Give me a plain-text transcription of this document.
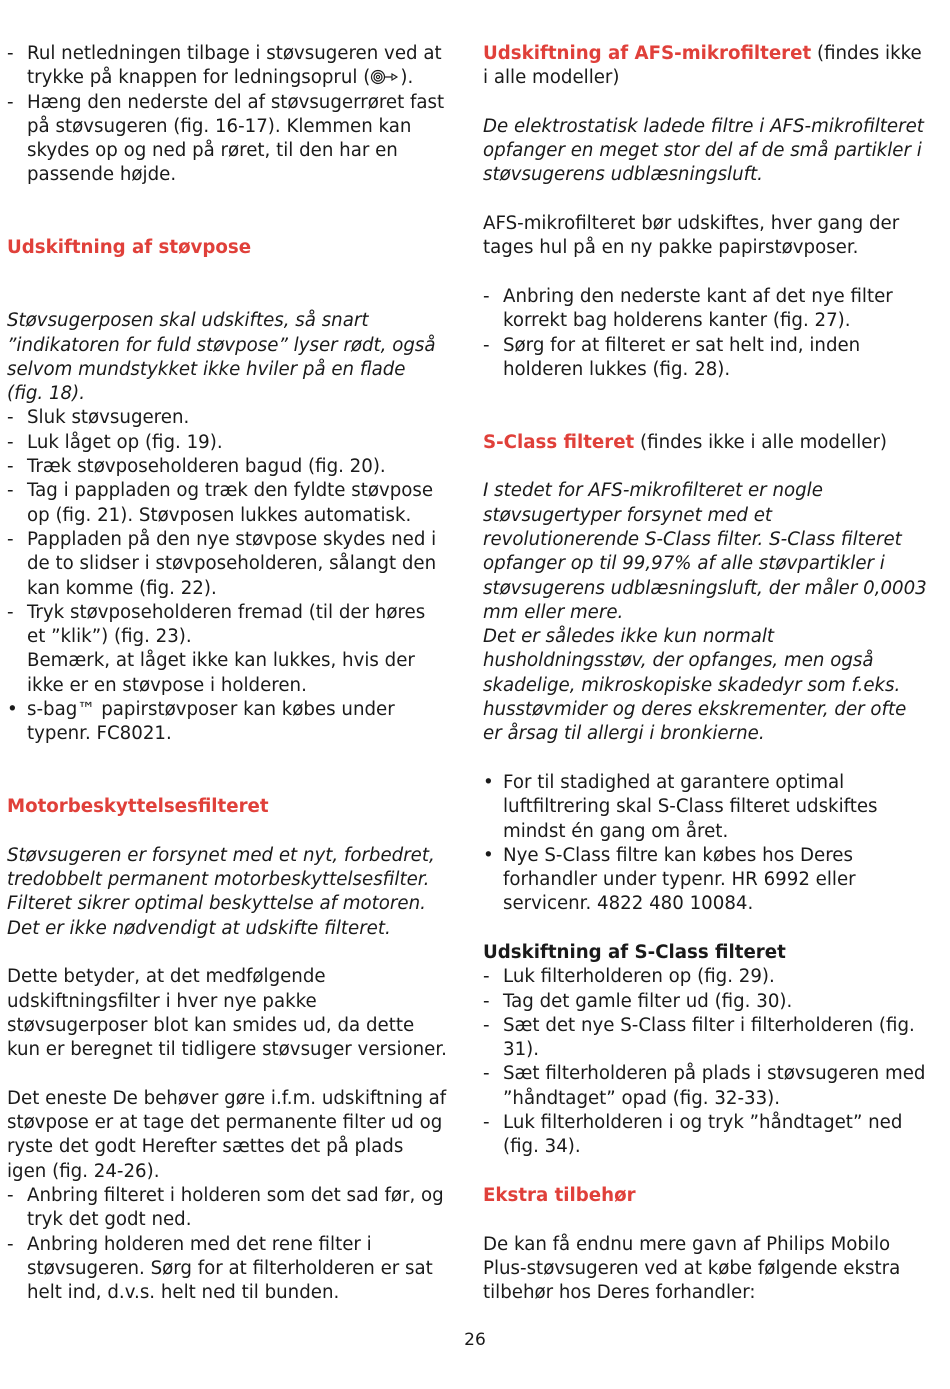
- Rul netledningen tilbage i støvsugeren ved at trykke på knappen for ledningsoprul ( ).
- Hæng den nederste del af støvsugerrøret fast på støvsugeren (fig. 16-17). Klemmen kan skydes op og ned på røret, til den har en passende højde.

Udskiftning af støvpose

Støvsugerposen skal udskiftes, så snart ”indikatoren for fuld støvpose” lyser rødt, også selvom mundstykket ikke hviler på en flade (fig. 18).

- Sluk støvsugeren.
- Luk låget op (fig. 19).
- Træk støvposeholderen bagud (fig. 20).
- Tag i pappladen og træk den fyldte støvpose op (fig. 21). Støvposen lukkes automatisk.
- Pappladen på den nye støvpose skydes ned i de to slidser i støvposeholderen, sålangt den kan komme (fig. 22).
- Tryk støvposeholderen fremad (til der høres et ”klik”) (fig. 23).
Bemærk, at låget ikke kan lukkes, hvis der ikke er en støvpose i holderen.
• s-bag™ papirstøvposer kan købes under typenr. FC8021.

Motorbeskyttelsesfilteret

Støvsugeren er forsynet med et nyt, forbedret, tredobbelt permanent motorbeskyttelsesfilter. Filteret sikrer optimal beskyttelse af motoren. Det er ikke nødvendigt at udskifte filteret.

Dette betyder, at det medfølgende udskiftningsfilter i hver nye pakke støvsugerposer blot kan smides ud, da dette kun er beregnet til tidligere støvsuger versioner.

Det eneste De behøver gøre i.f.m. udskiftning af støvpose er at tage det permanente filter ud og ryste det godt Herefter sættes det på plads igen (fig. 24-26).

- Anbring filteret i holderen som det sad før, og tryk det godt ned.
- Anbring holderen med det rene filter i støvsugeren. Sørg for at filterholderen er sat helt ind, d.v.s. helt ned til bunden.

Udskiftning af AFS-mikrofilteret (findes ikke i alle modeller)

De elektrostatisk ladede filtre i AFS-mikrofilteret opfanger en meget stor del af de små partikler i støvsugerens udblæsningsluft.

AFS-mikrofilteret bør udskiftes, hver gang der tages hul på en ny pakke papirstøvposer.

- Anbring den nederste kant af det nye filter korrekt bag holderens kanter (fig. 27).
- Sørg for at filteret er sat helt ind, inden holderen lukkes (fig. 28).

S-Class filteret (findes ikke i alle modeller)

I stedet for AFS-mikrofilteret er nogle støvsugertyper forsynet med et revolutionerende S-Class filter. S-Class filteret opfanger op til 99,97% af alle støvpartikler i støvsugerens udblæsningsluft, der måler 0,0003 mm eller mere.

Det er således ikke kun normalt husholdningsstøv, der opfanges, men også skadelige, mikroskopiske skadedyr som f.eks. husstøvmider og deres ekskrementer, der ofte er årsag til allergi i bronkierne.

• For til stadighed at garantere optimal luftfiltrering skal S-Class filteret udskiftes mindst én gang om året.
• Nye S-Class filtre kan købes hos Deres forhandler under typenr. HR 6992 eller servicenr. 4822 480 10084.

Udskiftning af S-Class filteret

- Luk filterholderen op (fig. 29).
- Tag det gamle filter ud (fig. 30).
- Sæt det nye S-Class filter i filterholderen (fig. 31).
- Sæt filterholderen på plads i støvsugeren med ”håndtaget” opad (fig. 32-33).
- Luk filterholderen i og tryk ”håndtaget” ned (fig. 34).

Ekstra tilbehør

De kan få endnu mere gavn af Philips Mobilo Plus-støvsugeren ved at købe følgende ekstra tilbehør hos Deres forhandler:

26
